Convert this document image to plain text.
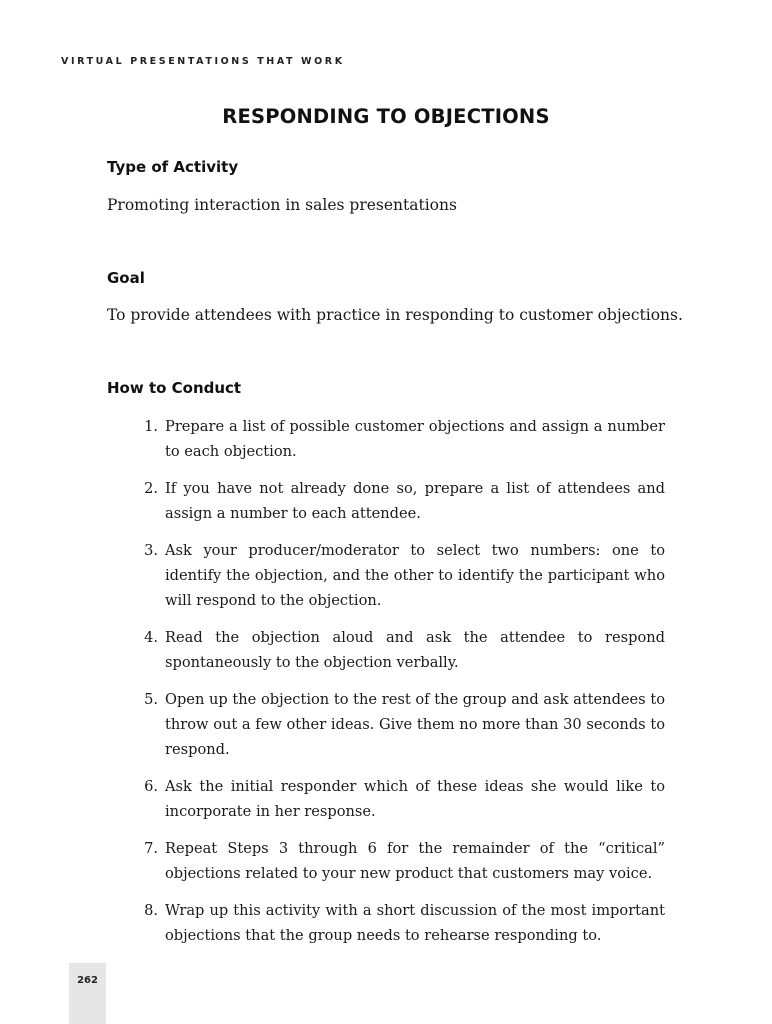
VIRTUAL PRESENTATIONS THAT WORK
RESPONDING TO OBJECTIONS
Type of Activity
Promoting interaction in sales presentations
Goal
To provide attendees with practice in responding to customer objections.
How to Conduct
1. Prepare a list of possible customer objections and assign a number to each objection.
2. If you have not already done so, prepare a list of attendees and assign a number to each attendee.
3. Ask your producer/moderator to select two numbers: one to identify the objection, and the other to identify the participant who will respond to the objection.
4. Read the objection aloud and ask the attendee to respond spontaneously to the objection verbally.
5. Open up the objection to the rest of the group and ask attendees to throw out a few other ideas. Give them no more than 30 seconds to respond.
6. Ask the initial responder which of these ideas she would like to incorporate in her response.
7. Repeat Steps 3 through 6 for the remainder of the “critical” objections related to your new product that customers may voice.
8. Wrap up this activity with a short discussion of the most important objections that the group needs to rehearse responding to.
262
